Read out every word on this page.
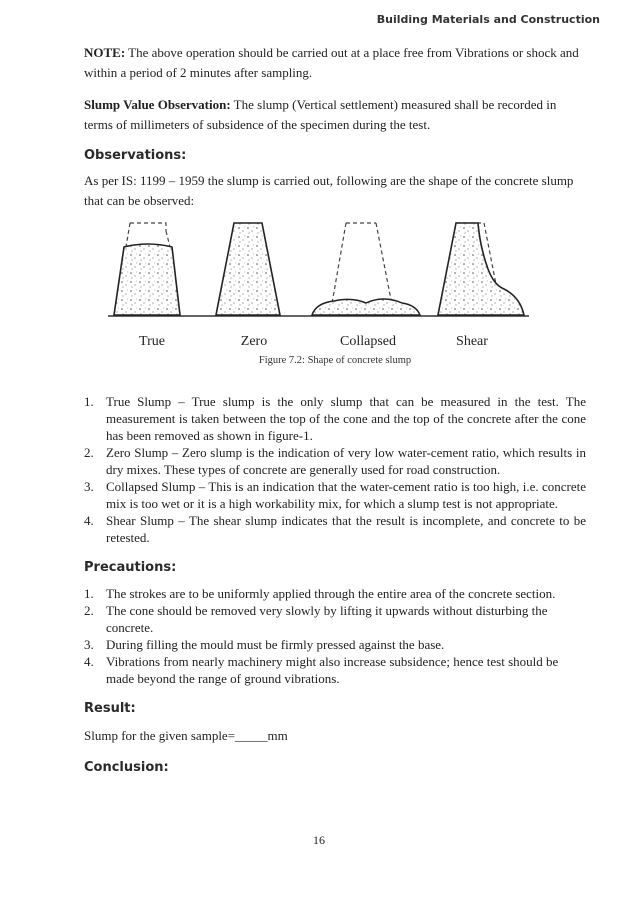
Building Materials and Construction

NOTE: The above operation should be carried out at a place free from Vibrations or shock and within a period of 2 minutes after sampling.

Slump Value Observation: The slump (Vertical settlement) measured shall be recorded in terms of millimeters of subsidence of the specimen during the test.

Observations:

As per IS: 1199 – 1959 the slump is carried out, following are the shape of the concrete slump that can be observed:

True	Zero	Collapsed	Shear
Figure 7.2: Shape of concrete slump
1. True Slump – True slump is the only slump that can be measured in the test. The measurement is taken between the top of the cone and the top of the concrete after the cone has been removed as shown in figure-1.
2. Zero Slump – Zero slump is the indication of very low water-cement ratio, which results in dry mixes. These types of concrete are generally used for road construction.
3. Collapsed Slump – This is an indication that the water-cement ratio is too high, i.e. concrete mix is too wet or it is a high workability mix, for which a slump test is not appropriate.
4. Shear Slump – The shear slump indicates that the result is incomplete, and concrete to be retested.
Precautions:
1. The strokes are to be uniformly applied through the entire area of the concrete section.
2. The cone should be removed very slowly by lifting it upwards without disturbing the concrete.
3. During filling the mould must be firmly pressed against the base.
4. Vibrations from nearly machinery might also increase subsidence; hence test should be made beyond the range of ground vibrations.
Result:

Slump for the given sample=_____mm

Conclusion:
16
